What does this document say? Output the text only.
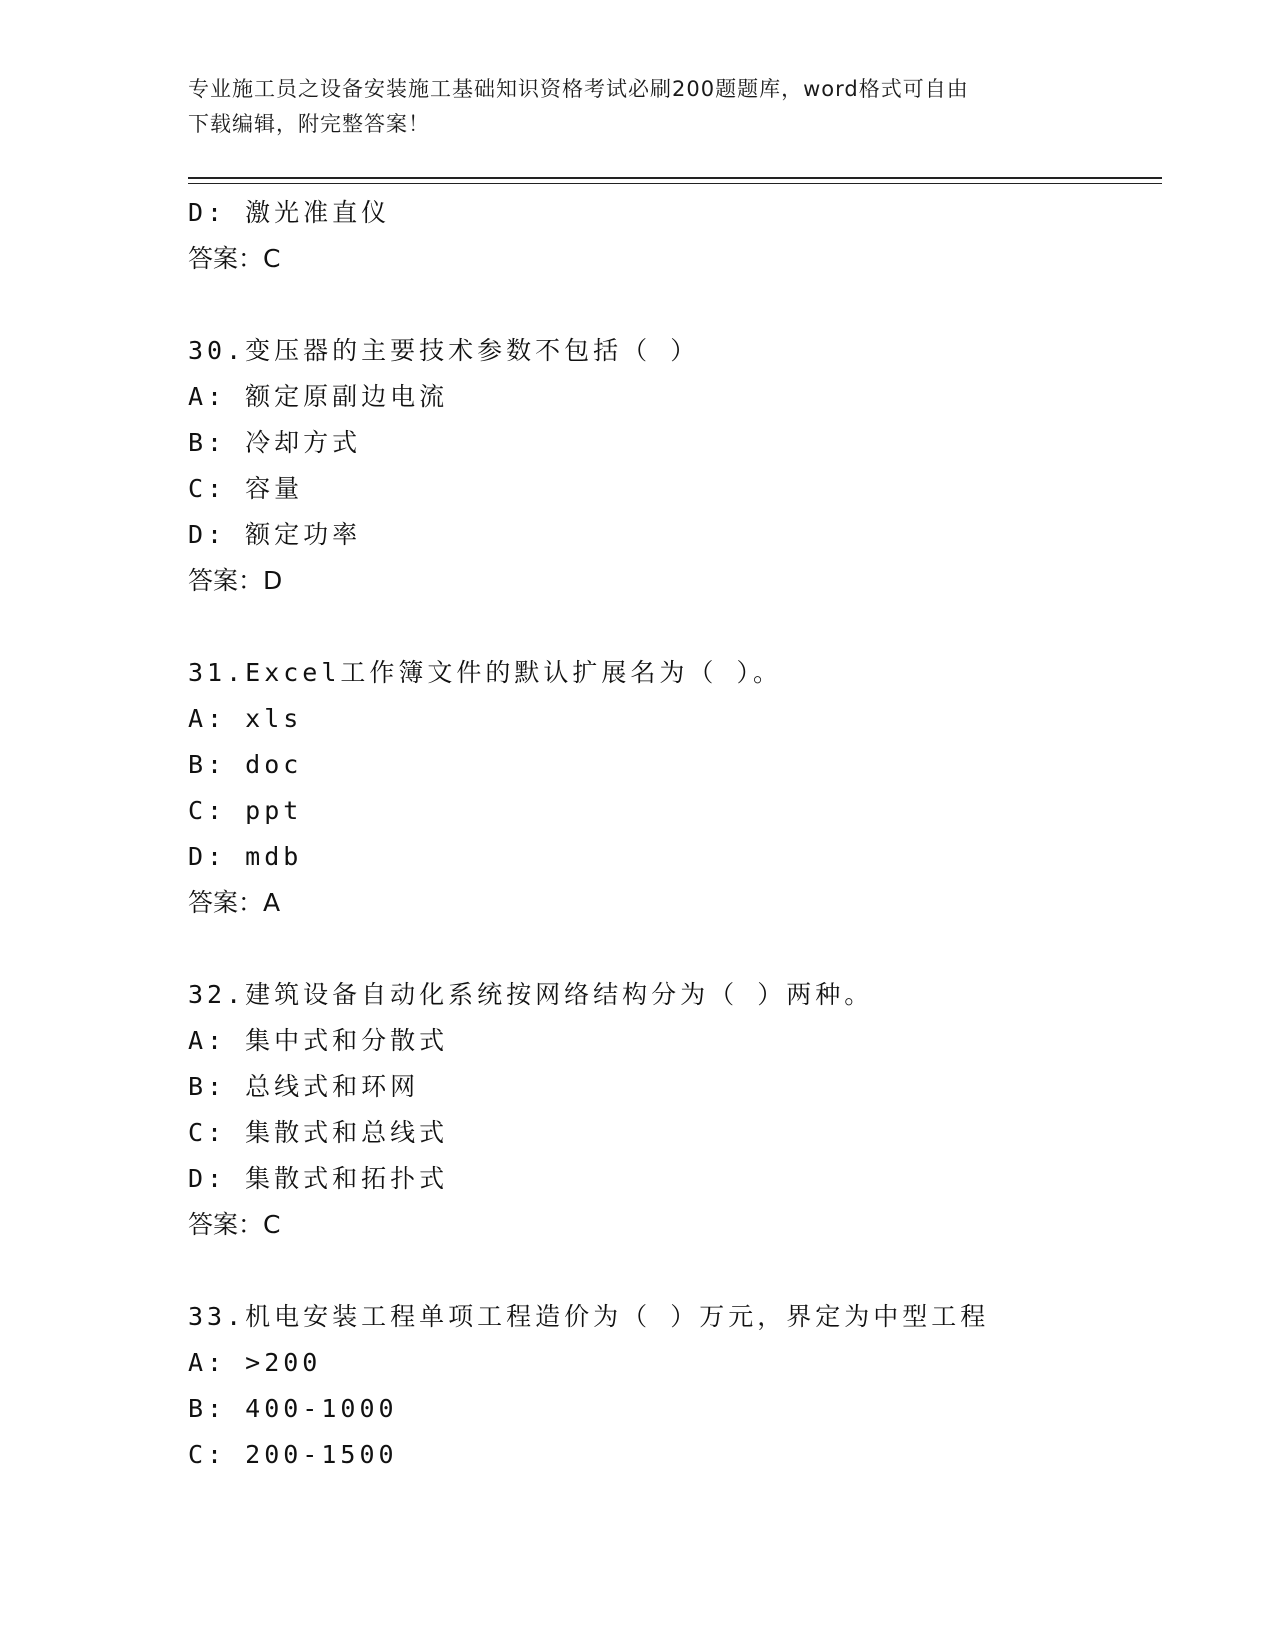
专业施工员之设备安装施工基础知识资格考试必刷200题题库，word格式可自由
下载编辑，附完整答案！
D: 激光准直仪
答案：C
30.变压器的主要技术参数不包括（ ）
A: 额定原副边电流
B: 冷却方式
C: 容量
D: 额定功率
答案：D
31.Excel工作簿文件的默认扩展名为（ ）。
A: xls
B: doc
C: ppt
D: mdb
答案：A
32.建筑设备自动化系统按网络结构分为（ ）两种。
A: 集中式和分散式
B: 总线式和环网
C: 集散式和总线式
D: 集散式和拓扑式
答案：C
33.机电安装工程单项工程造价为（ ）万元，界定为中型工程
A: >200
B: 400-1000
C: 200-1500
